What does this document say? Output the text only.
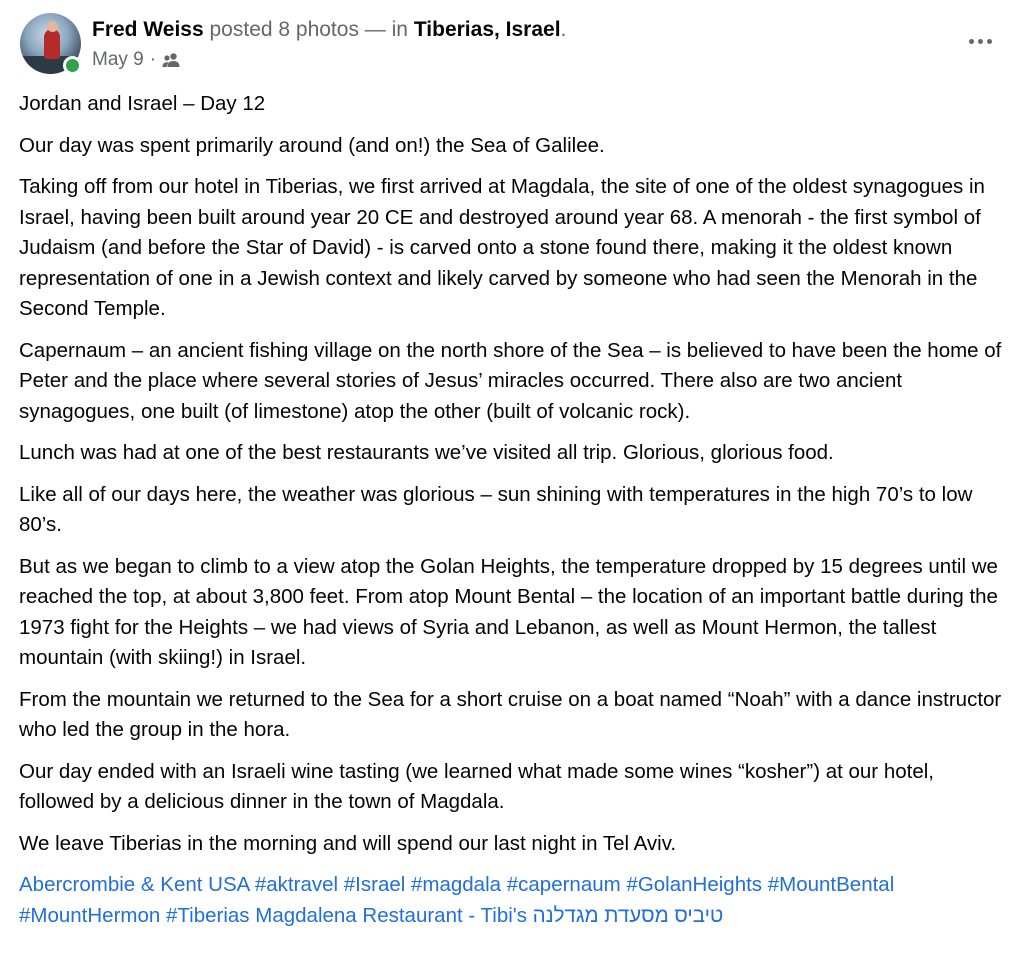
Fred Weiss posted 8 photos — in Tiberias, Israel.
May 9 ·

Jordan and Israel – Day 12

Our day was spent primarily around (and on!) the Sea of Galilee.

Taking off from our hotel in Tiberias, we first arrived at Magdala, the site of one of the oldest synagogues in Israel, having been built around year 20 CE and destroyed around year 68. A menorah - the first symbol of Judaism (and before the Star of David) - is carved onto a stone found there, making it the oldest known representation of one in a Jewish context and likely carved by someone who had seen the Menorah in the Second Temple.

Capernaum – an ancient fishing village on the north shore of the Sea – is believed to have been the home of Peter and the place where several stories of Jesus’ miracles occurred. There also are two ancient synagogues, one built (of limestone) atop the other (built of volcanic rock).

Lunch was had at one of the best restaurants we’ve visited all trip. Glorious, glorious food.

Like all of our days here, the weather was glorious – sun shining with temperatures in the high 70’s to low 80’s.

But as we began to climb to a view atop the Golan Heights, the temperature dropped by 15 degrees until we reached the top, at about 3,800 feet. From atop Mount Bental – the location of an important battle during the 1973 fight for the Heights – we had views of Syria and Lebanon, as well as Mount Hermon, the tallest mountain (with skiing!) in Israel.

From the mountain we returned to the Sea for a short cruise on a boat named “Noah” with a dance instructor who led the group in the hora.

Our day ended with an Israeli wine tasting (we learned what made some wines “kosher”) at our hotel, followed by a delicious dinner in the town of Magdala.

We leave Tiberias in the morning and will spend our last night in Tel Aviv.

Abercrombie & Kent USA #aktravel #Israel #magdala #capernaum #GolanHeights #MountBental #MountHermon #Tiberias Magdalena Restaurant - Tibi's טיביס מסעדת מגדלנה
